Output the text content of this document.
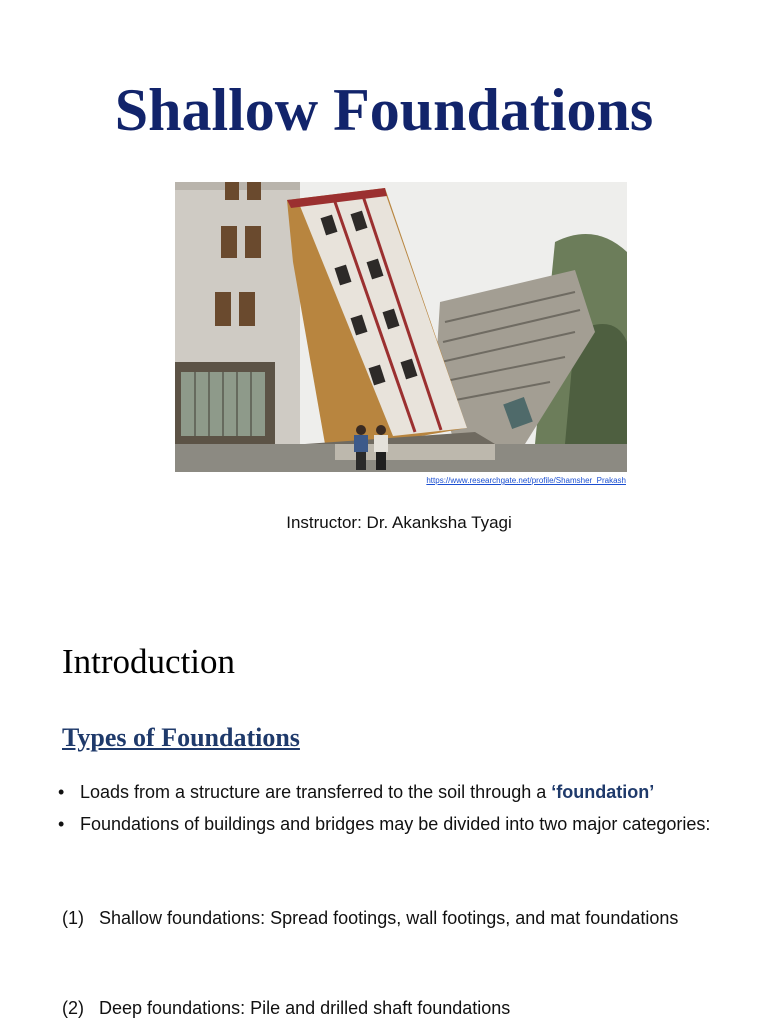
Shallow Foundations
https://www.researchgate.net/profile/Shamsher_Prakash
Instructor: Dr. Akanksha Tyagi
Introduction
Types of Foundations
• Loads from a structure are transferred to the soil through a ‘foundation’
• Foundations of buildings and bridges may be divided into two major categories:
(1) Shallow foundations: Spread footings, wall footings, and mat foundations
(2) Deep foundations: Pile and drilled shaft foundations
